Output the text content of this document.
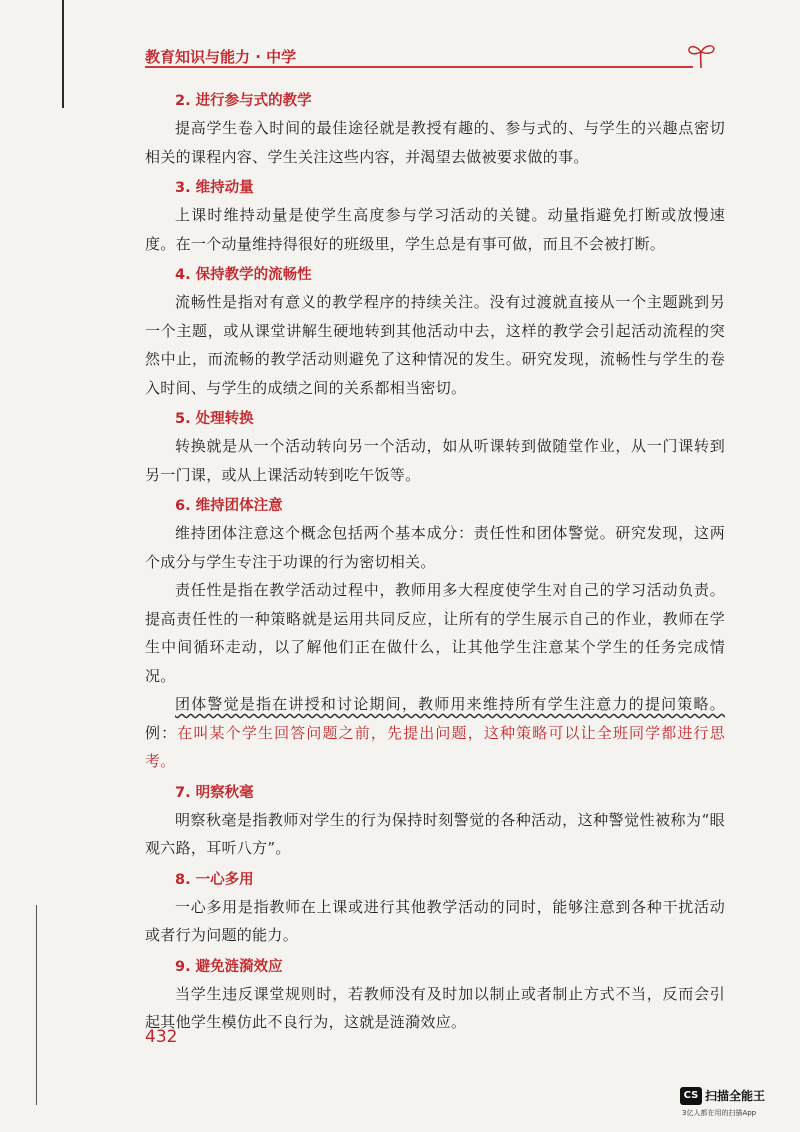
教育知识与能力 · 中学
2. 进行参与式的教学

提高学生卷入时间的最佳途径就是教授有趣的、参与式的、与学生的兴趣点密切相关的课程内容、学生关注这些内容，并渴望去做被要求做的事。

3. 维持动量

上课时维持动量是使学生高度参与学习活动的关键。动量指避免打断或放慢速度。在一个动量维持得很好的班级里，学生总是有事可做，而且不会被打断。

4. 保持教学的流畅性

流畅性是指对有意义的教学程序的持续关注。没有过渡就直接从一个主题跳到另一个主题，或从课堂讲解生硬地转到其他活动中去，这样的教学会引起活动流程的突然中止，而流畅的教学活动则避免了这种情况的发生。研究发现，流畅性与学生的卷入时间、与学生的成绩之间的关系都相当密切。

5. 处理转换

转换就是从一个活动转向另一个活动，如从听课转到做随堂作业，从一门课转到另一门课，或从上课活动转到吃午饭等。

6. 维持团体注意

维持团体注意这个概念包括两个基本成分：责任性和团体警觉。研究发现，这两个成分与学生专注于功课的行为密切相关。

责任性是指在教学活动过程中，教师用多大程度使学生对自己的学习活动负责。提高责任性的一种策略就是运用共同反应，让所有的学生展示自己的作业，教师在学生中间循环走动，以了解他们正在做什么，让其他学生注意某个学生的任务完成情况。

团体警觉是指在讲授和讨论期间，教师用来维持所有学生注意力的提问策略。例：在叫某个学生回答问题之前，先提出问题，这种策略可以让全班同学都进行思考。

7. 明察秋毫

明察秋毫是指教师对学生的行为保持时刻警觉的各种活动，这种警觉性被称为“眼观六路，耳听八方”。

8. 一心多用

一心多用是指教师在上课或进行其他教学活动的同时，能够注意到各种干扰活动或者行为问题的能力。

9. 避免涟漪效应

当学生违反课堂规则时，若教师没有及时加以制止或者制止方式不当，反而会引起其他学生模仿此不良行为，这就是涟漪效应。

432
CS 扫描全能王
3亿人都在用的扫描App
